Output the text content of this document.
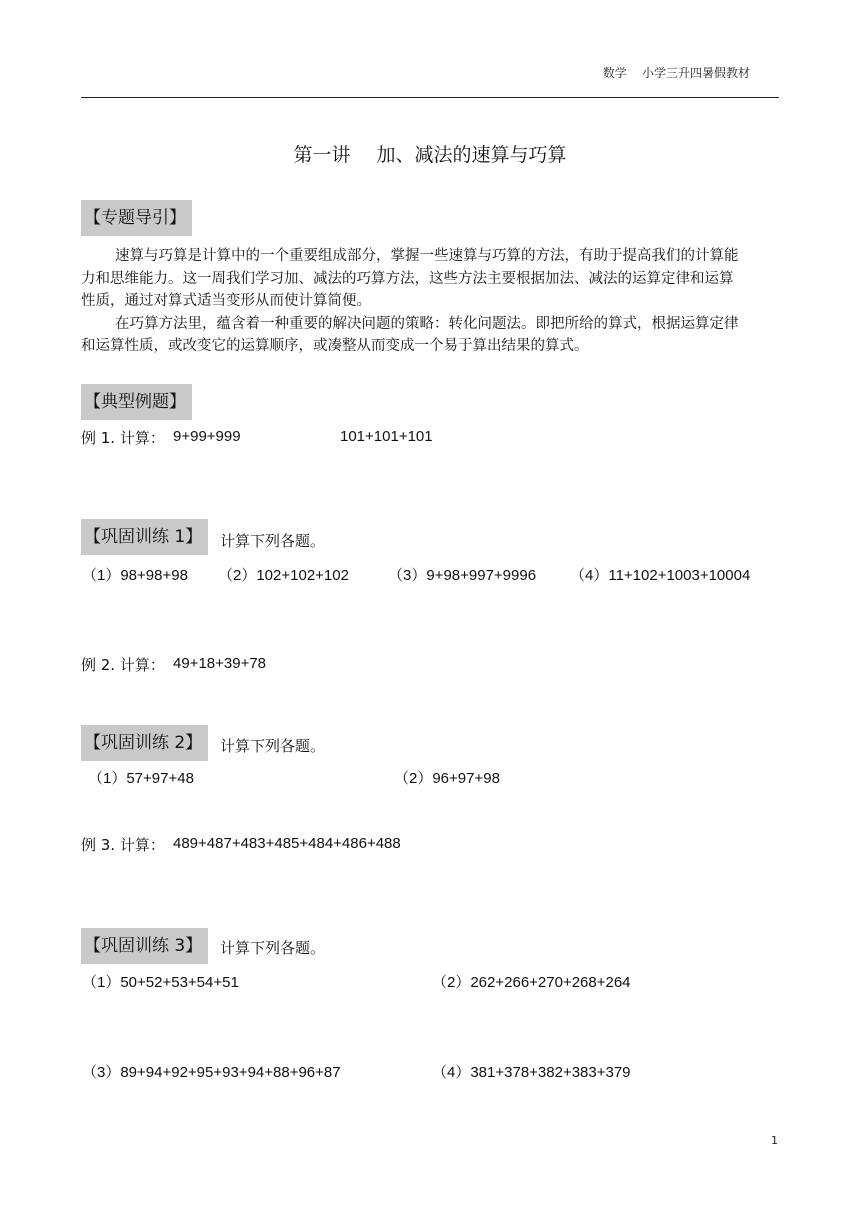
数学    小学三升四暑假教材
第一讲 加、减法的速算与巧算
【专题导引】

速算与巧算是计算中的一个重要组成部分，掌握一些速算与巧算的方法，有助于提高我们的计算能力和思维能力。这一周我们学习加、减法的巧算方法，这些方法主要根据加法、减法的运算定律和运算性质，通过对算式适当变形从而使计算简便。

在巧算方法里，蕴含着一种重要的解决问题的策略：转化问题法。即把所给的算式，根据运算定律和运算性质，或改变它的运算顺序，或凑整从而变成一个易于算出结果的算式。

【典型例题】
例 1. 计算： 9+99+999	101+101+101
【巩固训练 1】	计算下列各题。
（1）98+98+98 （2）102+102+102	（3）9+98+997+9996 （4）11+102+1003+10004
例 2. 计算： 49+18+39+78
【巩固训练 2】	计算下列各题。
（1）57+97+48	（2）96+97+98
例 3. 计算： 489+487+483+485+484+486+488
【巩固训练 3】	计算下列各题。
（1）50+52+53+54+51	（2）262+266+270+268+264
（3）89+94+92+95+93+94+88+96+87	（4）381+378+382+383+379
1
